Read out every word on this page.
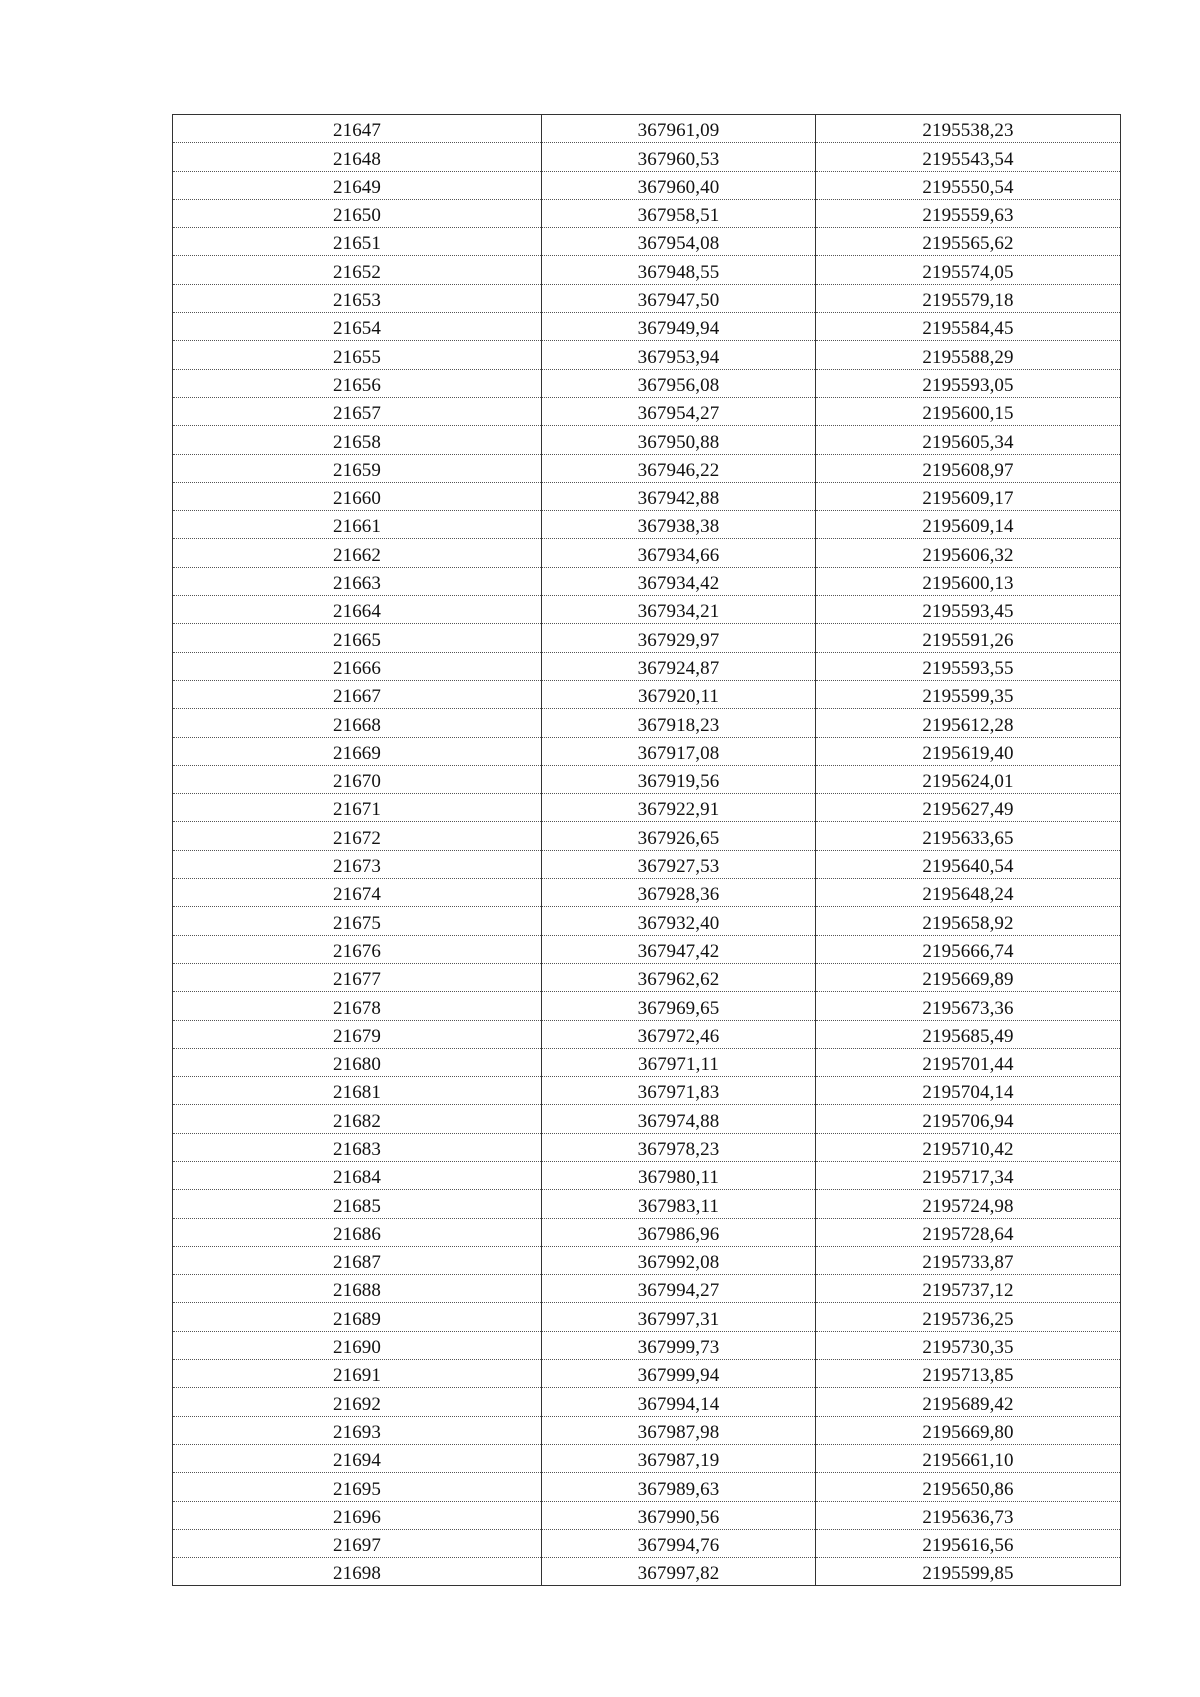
21647	367961,09	2195538,23
21648	367960,53	2195543,54
21649	367960,40	2195550,54
21650	367958,51	2195559,63
21651	367954,08	2195565,62
21652	367948,55	2195574,05
21653	367947,50	2195579,18
21654	367949,94	2195584,45
21655	367953,94	2195588,29
21656	367956,08	2195593,05
21657	367954,27	2195600,15
21658	367950,88	2195605,34
21659	367946,22	2195608,97
21660	367942,88	2195609,17
21661	367938,38	2195609,14
21662	367934,66	2195606,32
21663	367934,42	2195600,13
21664	367934,21	2195593,45
21665	367929,97	2195591,26
21666	367924,87	2195593,55
21667	367920,11	2195599,35
21668	367918,23	2195612,28
21669	367917,08	2195619,40
21670	367919,56	2195624,01
21671	367922,91	2195627,49
21672	367926,65	2195633,65
21673	367927,53	2195640,54
21674	367928,36	2195648,24
21675	367932,40	2195658,92
21676	367947,42	2195666,74
21677	367962,62	2195669,89
21678	367969,65	2195673,36
21679	367972,46	2195685,49
21680	367971,11	2195701,44
21681	367971,83	2195704,14
21682	367974,88	2195706,94
21683	367978,23	2195710,42
21684	367980,11	2195717,34
21685	367983,11	2195724,98
21686	367986,96	2195728,64
21687	367992,08	2195733,87
21688	367994,27	2195737,12
21689	367997,31	2195736,25
21690	367999,73	2195730,35
21691	367999,94	2195713,85
21692	367994,14	2195689,42
21693	367987,98	2195669,80
21694	367987,19	2195661,10
21695	367989,63	2195650,86
21696	367990,56	2195636,73
21697	367994,76	2195616,56
21698	367997,82	2195599,85
